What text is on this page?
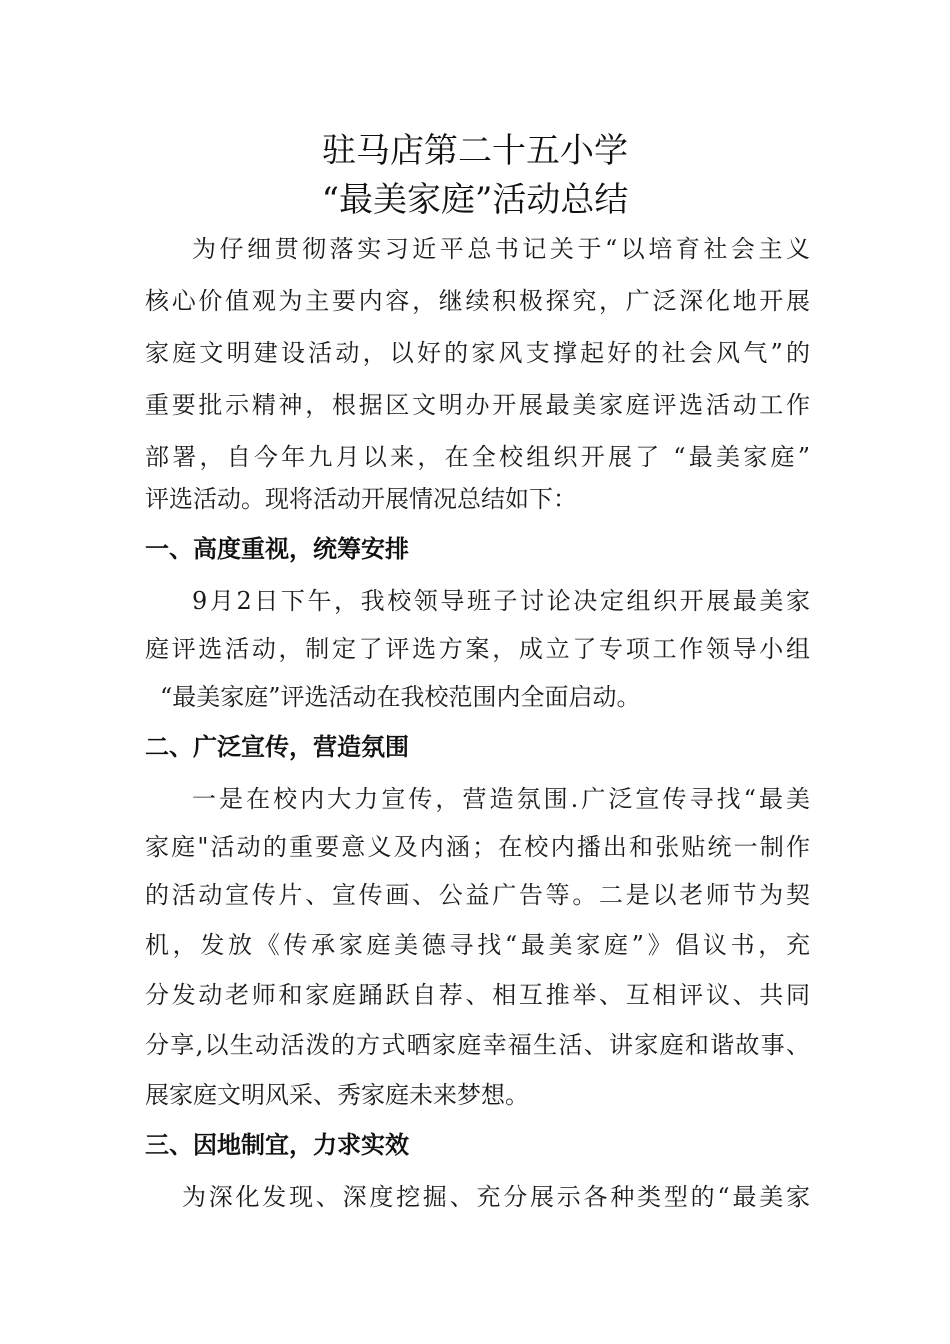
驻马店第二十五小学
“最美家庭”活动总结
为仔细贯彻落实习近平总书记关于“以培育社会主义
核心价值观为主要内容，继续积极探究，广泛深化地开展
家庭文明建设活动，以好的家风支撑起好的社会风气”的
重要批示精神，根据区文明办开展最美家庭评选活动工作
部署，自今年九月以来，在全校组织开展了 “最美家庭”
评选活动。现将活动开展情况总结如下：
一、高度重视，统筹安排
9月2日下午，我校领导班子讨论决定组织开展最美家
庭评选活动，制定了评选方案，成立了专项工作领导小组
“最美家庭”评选活动在我校范围内全面启动。
二、广泛宣传，营造氛围
一是在校内大力宣传，营造氛围.广泛宣传寻找“最美
家庭"活动的重要意义及内涵；在校内播出和张贴统一制作
的活动宣传片、宣传画、公益广告等。二是以老师节为契
机，发放《传承家庭美德寻找“最美家庭”》倡议书，充
分发动老师和家庭踊跃自荐、相互推举、互相评议、共同
分享,以生动活泼的方式晒家庭幸福生活、讲家庭和谐故事、
展家庭文明风采、秀家庭未来梦想。
三、因地制宜，力求实效
为深化发现、深度挖掘、充分展示各种类型的“最美家
